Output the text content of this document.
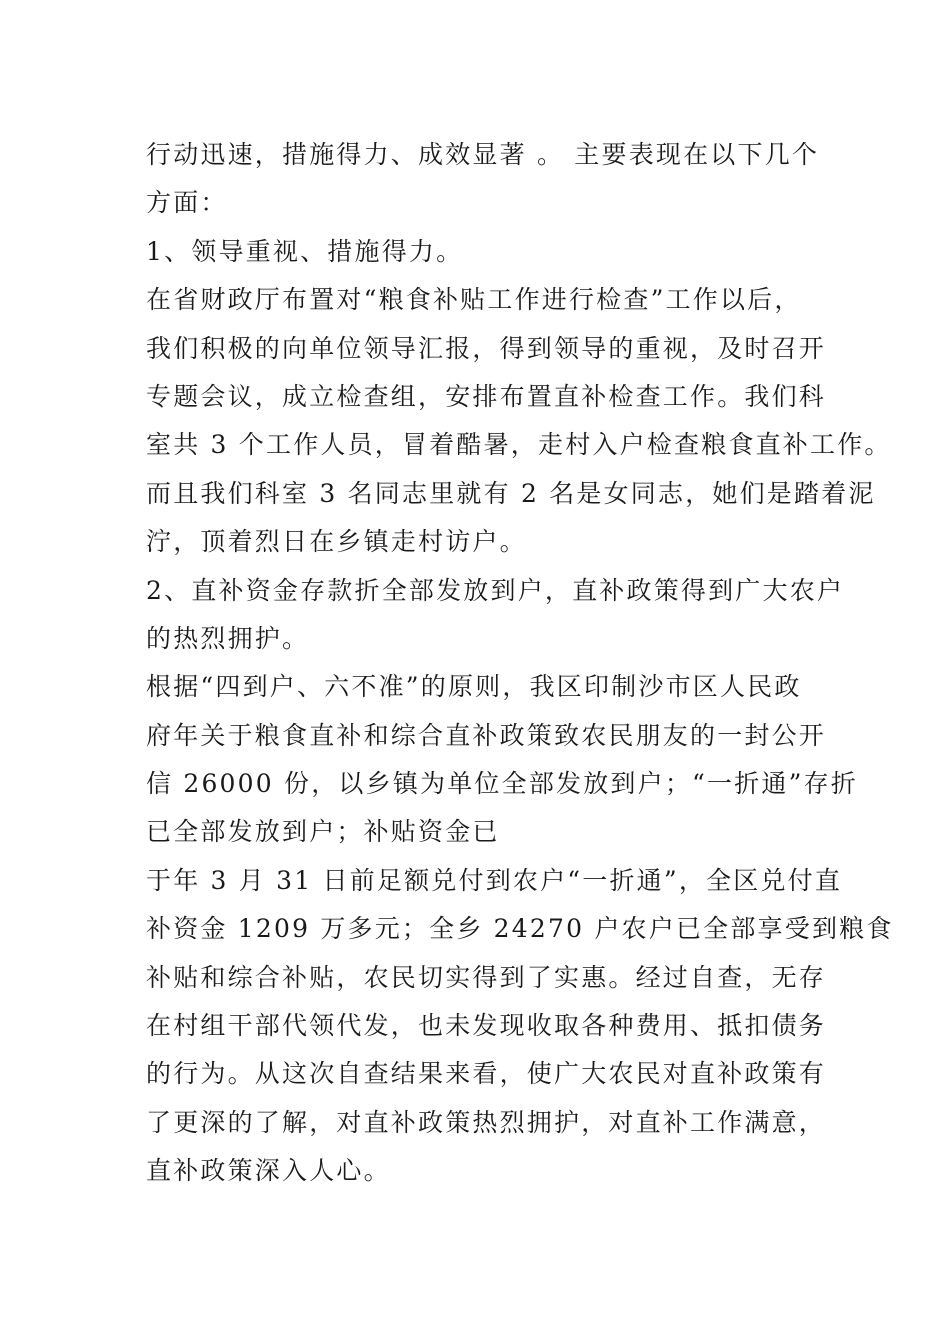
行动迅速，措施得力、成效显著 。 主要表现在以下几个
方面：
1、领导重视、措施得力。
在省财政厅布置对“粮食补贴工作进行检查”工作以后，
我们积极的向单位领导汇报，得到领导的重视，及时召开
专题会议，成立检查组，安排布置直补检查工作。我们科
室共 3 个工作人员，冒着酷暑，走村入户检查粮食直补工作。
而且我们科室 3 名同志里就有 2 名是女同志，她们是踏着泥
泞，顶着烈日在乡镇走村访户。
2、直补资金存款折全部发放到户，直补政策得到广大农户
的热烈拥护。
根据“四到户、六不准”的原则，我区印制沙市区人民政
府年关于粮食直补和综合直补政策致农民朋友的一封公开
信 26000 份，以乡镇为单位全部发放到户；“一折通”存折
已全部发放到户；补贴资金已
于年 3 月 31 日前足额兑付到农户“一折通”，全区兑付直
补资金 1209 万多元；全乡 24270 户农户已全部享受到粮食
补贴和综合补贴，农民切实得到了实惠。经过自查，无存
在村组干部代领代发，也未发现收取各种费用、抵扣债务
的行为。从这次自查结果来看，使广大农民对直补政策有
了更深的了解，对直补政策热烈拥护，对直补工作满意，
直补政策深入人心。
